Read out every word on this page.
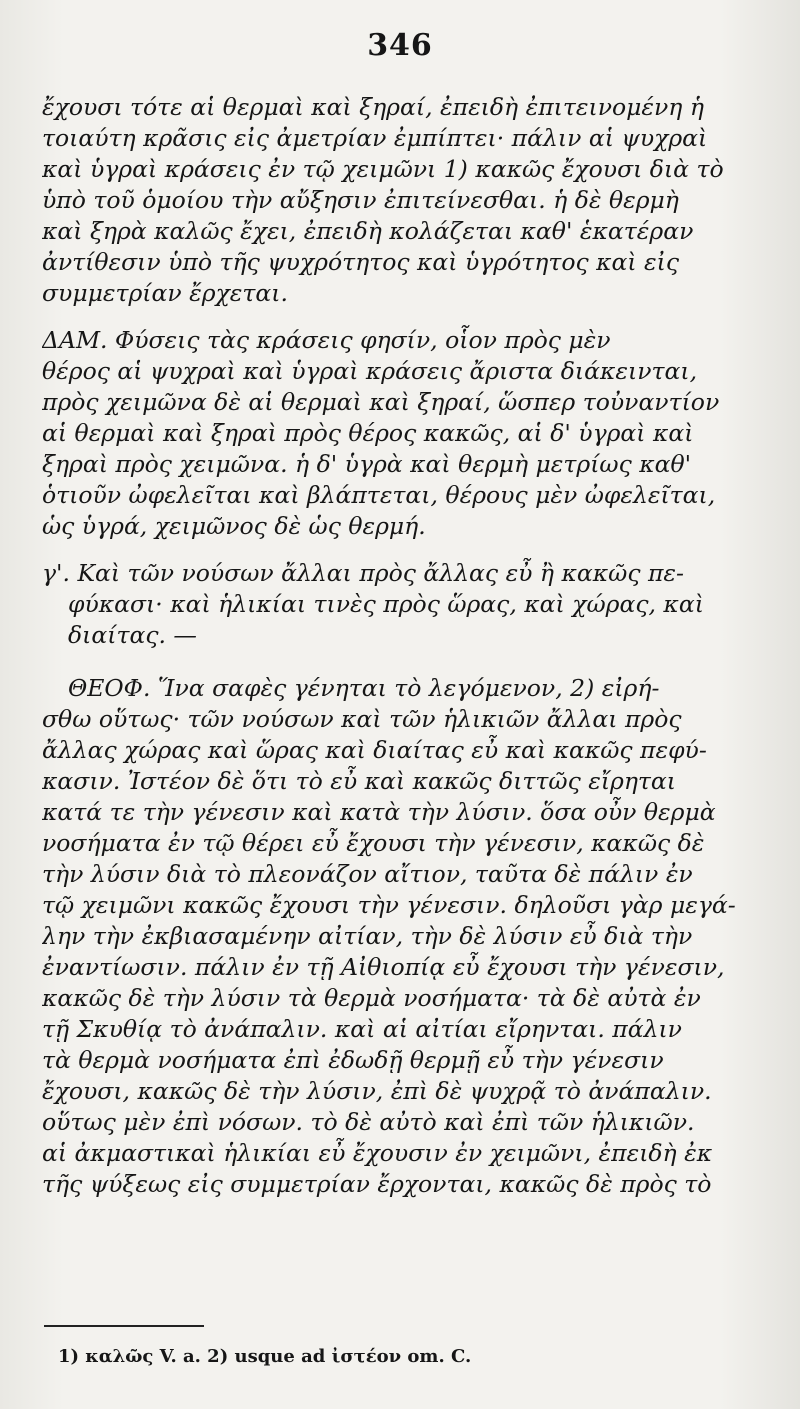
346
ἔχουσι τότε αἱ θερμαὶ καὶ ξηραί, ἐπειδὴ ἐπιτεινομένη ἡ
τοιαύτη κρᾶσις εἰς ἀμετρίαν ἐμπίπτει· πάλιν αἱ ψυχραὶ
καὶ ὑγραὶ κράσεις ἐν τῷ χειμῶνι 1) κακῶς ἔχουσι διὰ τὸ
ὑπὸ τοῦ ὁμοίου τὴν αὔξησιν ἐπιτείνεσθαι. ἡ δὲ θερμὴ
καὶ ξηρὰ καλῶς ἔχει, ἐπειδὴ κολάζεται καθ' ἑκατέραν
ἀντίθεσιν ὑπὸ τῆς ψυχρότητος καὶ ὑγρότητος καὶ εἰς
συμμετρίαν ἔρχεται.
ΔΑΜ. Φύσεις τὰς κράσεις φησίν, οἷον πρὸς μὲν
θέρος αἱ ψυχραὶ καὶ ὑγραὶ κράσεις ἄριστα διάκεινται,
πρὸς χειμῶνα δὲ αἱ θερμαὶ καὶ ξηραί, ὥσπερ τοὐναντίον
αἱ θερμαὶ καὶ ξηραὶ πρὸς θέρος κακῶς, αἱ δ' ὑγραὶ καὶ
ξηραὶ πρὸς χειμῶνα. ἡ δ' ὑγρὰ καὶ θερμὴ μετρίως καθ'
ὁτιοῦν ὠφελεῖται καὶ βλάπτεται, θέρους μὲν ὠφελεῖται,
ὡς ὑγρά, χειμῶνος δὲ ὡς θερμή.
γ'. Καὶ τῶν νούσων ἄλλαι πρὸς ἄλλας εὖ ἢ κακῶς πε-
φύκασι· καὶ ἡλικίαι τινὲς πρὸς ὥρας, καὶ χώρας, καὶ
διαίτας. —
ΘΕΟΦ. Ἵνα σαφὲς γένηται τὸ λεγόμενον, 2) εἰρή-
σθω οὕτως· τῶν νούσων καὶ τῶν ἡλικιῶν ἄλλαι πρὸς
ἄλλας χώρας καὶ ὥρας καὶ διαίτας εὖ καὶ κακῶς πεφύ-
κασιν. Ἰστέον δὲ ὅτι τὸ εὖ καὶ κακῶς διττῶς εἴρηται
κατά τε τὴν γένεσιν καὶ κατὰ τὴν λύσιν. ὅσα οὖν θερμὰ
νοσήματα ἐν τῷ θέρει εὖ ἔχουσι τὴν γένεσιν, κακῶς δὲ
τὴν λύσιν διὰ τὸ πλεονάζον αἴτιον, ταῦτα δὲ πάλιν ἐν
τῷ χειμῶνι κακῶς ἔχουσι τὴν γένεσιν. δηλοῦσι γὰρ μεγά-
λην τὴν ἐκβιασαμένην αἰτίαν, τὴν δὲ λύσιν εὖ διὰ τὴν
ἐναντίωσιν. πάλιν ἐν τῇ Αἰθιοπίᾳ εὖ ἔχουσι τὴν γένεσιν,
κακῶς δὲ τὴν λύσιν τὰ θερμὰ νοσήματα· τὰ δὲ αὐτὰ ἐν
τῇ Σκυθίᾳ τὸ ἀνάπαλιν. καὶ αἱ αἰτίαι εἴρηνται. πάλιν
τὰ θερμὰ νοσήματα ἐπὶ ἐδωδῇ θερμῇ εὖ τὴν γένεσιν
ἔχουσι, κακῶς δὲ τὴν λύσιν, ἐπὶ δὲ ψυχρᾷ τὸ ἀνάπαλιν.
οὕτως μὲν ἐπὶ νόσων. τὸ δὲ αὐτὸ καὶ ἐπὶ τῶν ἡλικιῶν.
αἱ ἀκμαστικαὶ ἡλικίαι εὖ ἔχουσιν ἐν χειμῶνι, ἐπειδὴ ἐκ
τῆς ψύξεως εἰς συμμετρίαν ἔρχονται, κακῶς δὲ πρὸς τὸ
1) καλῶς V. a. 2) usque ad ἰστέον om. C.
